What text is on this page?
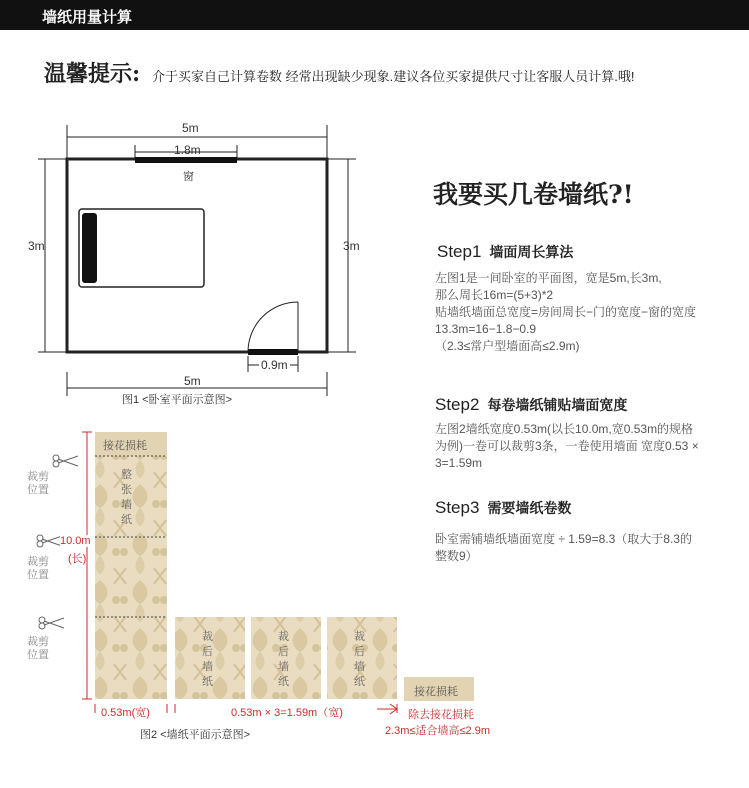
墙纸用量计算
温馨提示: 介于买家自己计算卷数 经常出现缺少现象.建议各位买家提供尺寸让客服人员计算.哦!
5m
1.8m
窗
3m	3m
0.9m
5m
图1 <卧室平面示意图>
我要买几卷墙纸?!
Step1 墙面周长算法
左图1是一间卧室的平面图，宽是5m,长3m,
那么周长16m=(5+3)*2
贴墙纸墙面总宽度=房间周长−门的宽度−窗的宽度
13.3m=16−1.8−0.9
（2.3≤常户型墙面高≤2.9m)
Step2 每卷墙纸铺贴墙面宽度
左图2墙纸宽度0.53m(以长10.0m,宽0.53m的规格
为例)一卷可以裁剪3条，一卷使用墙面 宽度0.53 ×
3=1.59m
Step3 需要墙纸卷数
卧室需铺墙纸墙面宽度 ÷ 1.59=8.3（取大于8.3的
整数9）
接花损耗
整张墙纸
裁剪
位置
裁剪
位置
裁剪
位置
10.0m
(长)
裁后墙纸
裁后墙纸
裁后墙纸
接花损耗
0.53m(宽)	0.53m × 3=1.59m（宽)	除去接花损耗
2.3m≤适合墙高≤2.9m
图2 <墙纸平面示意图>
